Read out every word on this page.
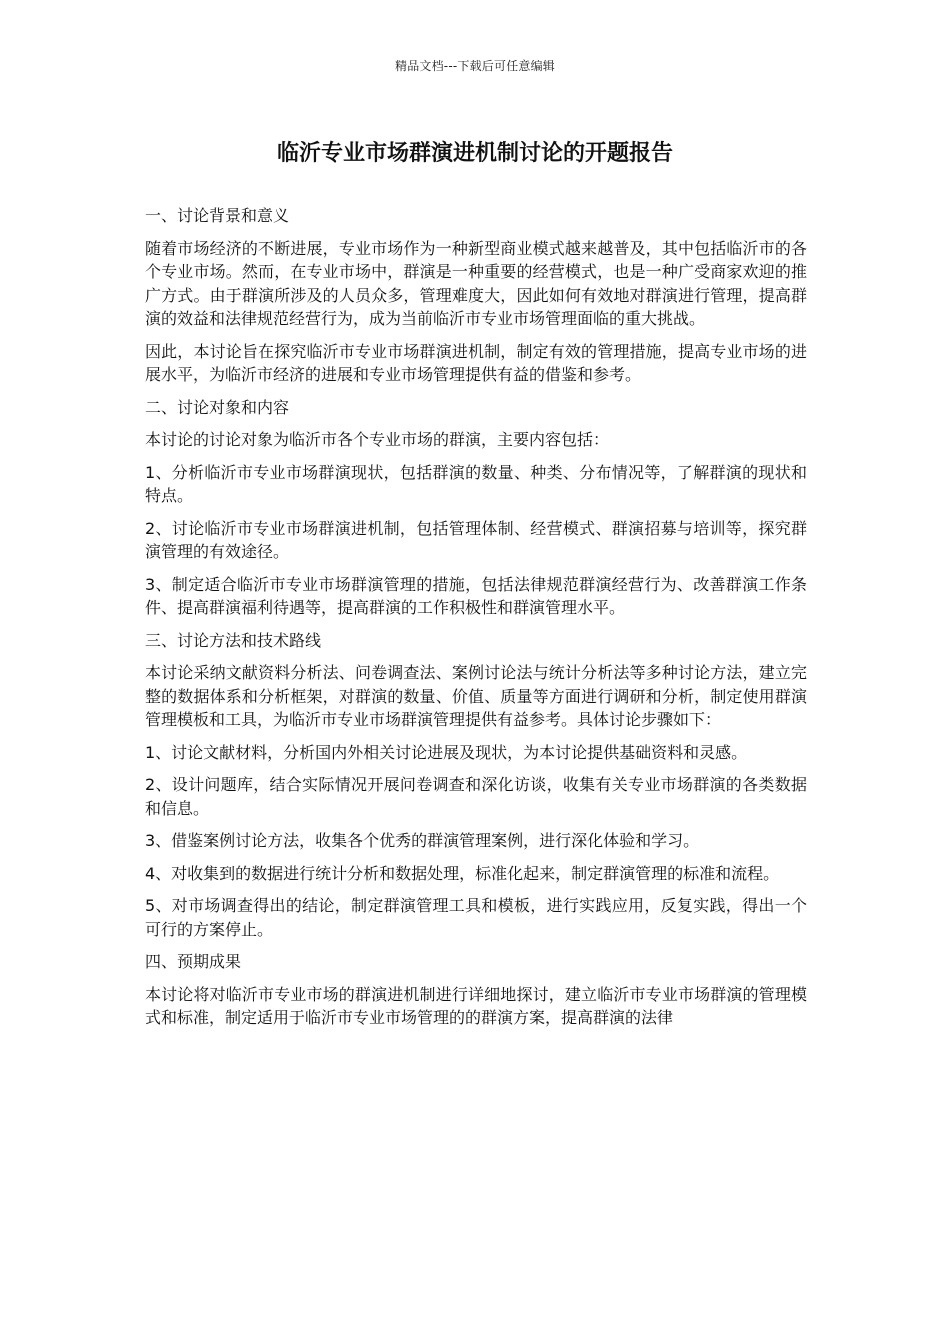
精品文档---下载后可任意编辑
临沂专业市场群演进机制讨论的开题报告

一、讨论背景和意义

随着市场经济的不断进展，专业市场作为一种新型商业模式越来越普及，其中包括临沂市的各个专业市场。然而，在专业市场中，群演是一种重要的经营模式，也是一种广受商家欢迎的推广方式。由于群演所涉及的人员众多，管理难度大，因此如何有效地对群演进行管理，提高群演的效益和法律规范经营行为，成为当前临沂市专业市场管理面临的重大挑战。

因此，本讨论旨在探究临沂市专业市场群演进机制，制定有效的管理措施，提高专业市场的进展水平，为临沂市经济的进展和专业市场管理提供有益的借鉴和参考。

二、讨论对象和内容

本讨论的讨论对象为临沂市各个专业市场的群演，主要内容包括：

1、分析临沂市专业市场群演现状，包括群演的数量、种类、分布情况等，了解群演的现状和特点。

2、讨论临沂市专业市场群演进机制，包括管理体制、经营模式、群演招募与培训等，探究群演管理的有效途径。

3、制定适合临沂市专业市场群演管理的措施，包括法律规范群演经营行为、改善群演工作条件、提高群演福利待遇等，提高群演的工作积极性和群演管理水平。

三、讨论方法和技术路线

本讨论采纳文献资料分析法、问卷调查法、案例讨论法与统计分析法等多种讨论方法，建立完整的数据体系和分析框架，对群演的数量、价值、质量等方面进行调研和分析，制定使用群演管理模板和工具，为临沂市专业市场群演管理提供有益参考。具体讨论步骤如下：

1、讨论文献材料，分析国内外相关讨论进展及现状，为本讨论提供基础资料和灵感。

2、设计问题库，结合实际情况开展问卷调查和深化访谈，收集有关专业市场群演的各类数据和信息。

3、借鉴案例讨论方法，收集各个优秀的群演管理案例，进行深化体验和学习。

4、对收集到的数据进行统计分析和数据处理，标准化起来，制定群演管理的标准和流程。

5、对市场调查得出的结论，制定群演管理工具和模板，进行实践应用，反复实践，得出一个可行的方案停止。

四、预期成果

本讨论将对临沂市专业市场的群演进机制进行详细地探讨，建立临沂市专业市场群演的管理模式和标准，制定适用于临沂市专业市场管理的的群演方案，提高群演的法律
